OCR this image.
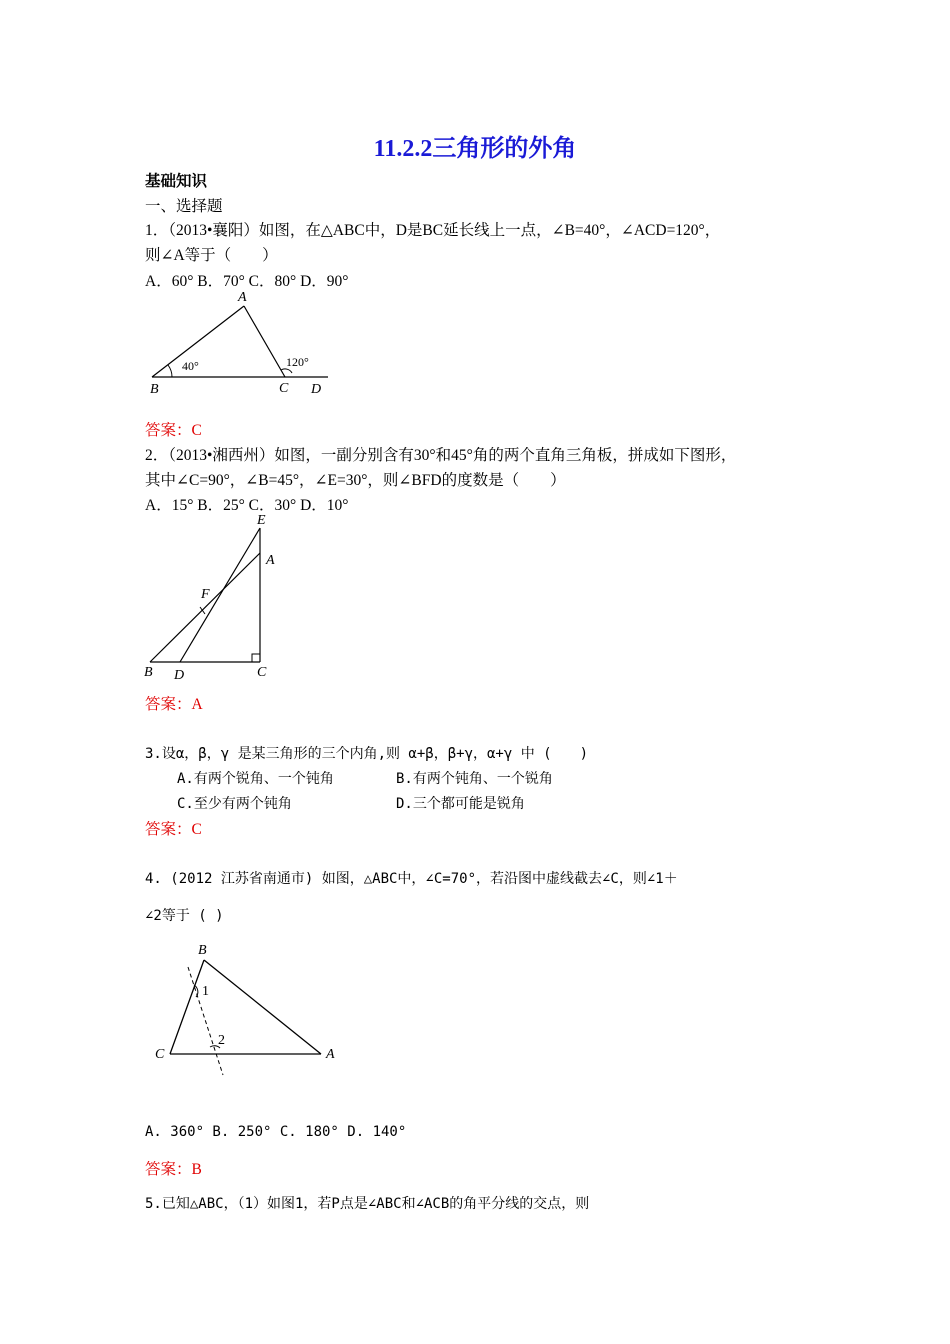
11.2.2三角形的外角
基础知识
一、选择题
1．（2013•襄阳）如图，在△ABC中，D是BC延长线上一点，∠B=40°，∠ACD=120°，
则∠A等于（　　）
A．60° B．70° C．80° D．90°
A
B	C D
40°	120°
答案：C
2．（2013•湘西州）如图，一副分别含有30°和45°角的两个直角三角板，拼成如下图形，
其中∠C=90°，∠B=45°，∠E=30°，则∠BFD的度数是（　　）
A．15° B．25° C．30° D．10°
E
A
F
B D	C
答案：A
3.设α，β，γ 是某三角形的三个内角,则 α+β，β+γ，α+γ 中 (　　)
A.有两个锐角、一个钝角	B.有两个钝角、一个锐角
C.至少有两个钝角	D.三个都可能是锐角
答案：C
4. (2012 江苏省南通市) 如图，△ABC中，∠C=70°，若沿图中虚线截去∠C，则∠1＋
∠2等于 ( )
B
C	A
1
2
A. 360° B. 250° C. 180° D. 140°
答案：B
5.已知△ABC，（1）如图1，若P点是∠ABC和∠ACB的角平分线的交点，则
